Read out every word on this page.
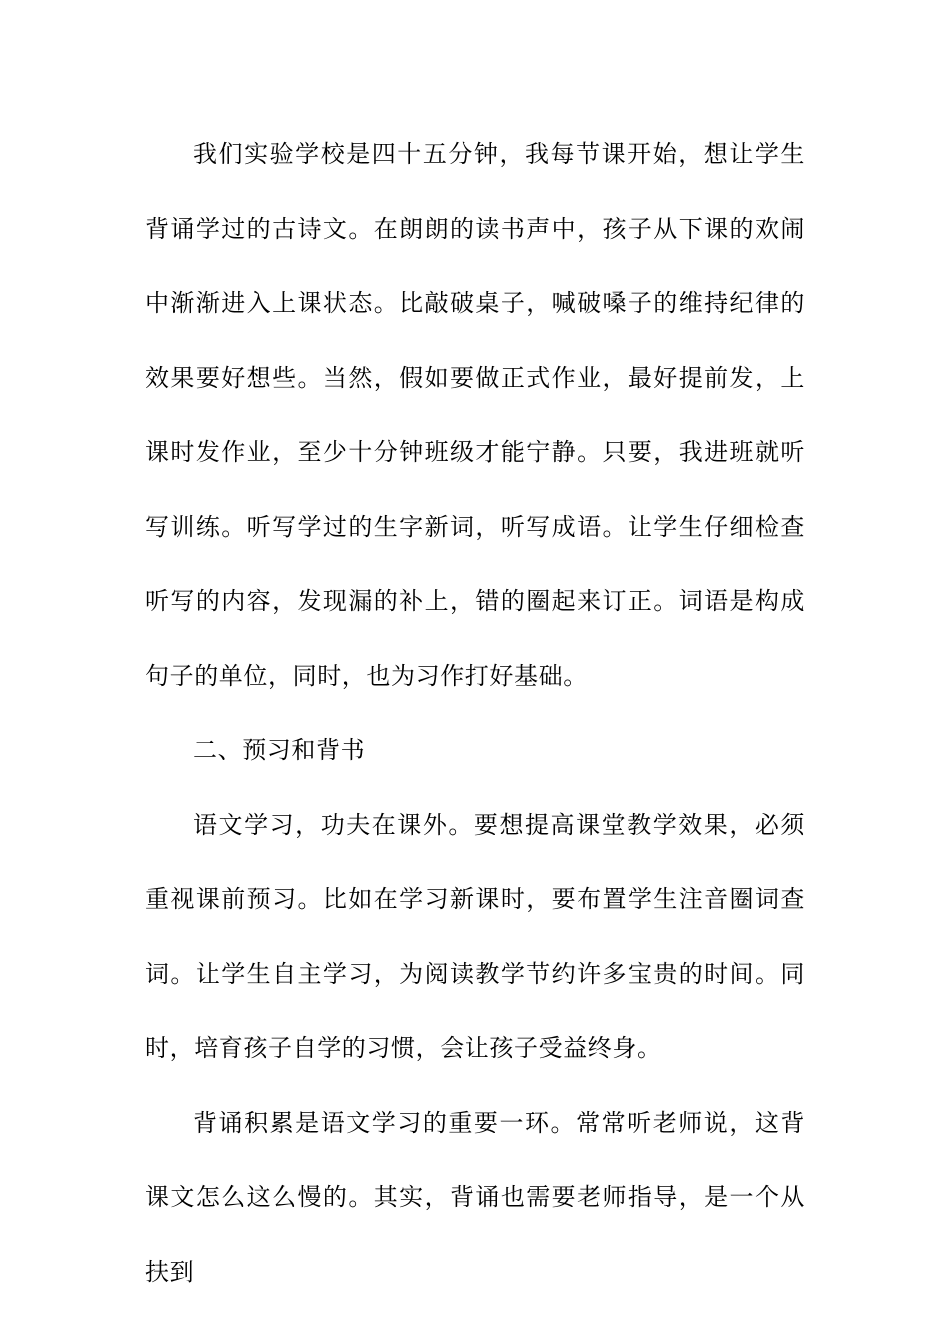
我们实验学校是四十五分钟，我每节课开始，想让学生背诵学过的古诗文。在朗朗的读书声中，孩子从下课的欢闹中渐渐进入上课状态。比敲破桌子，喊破嗓子的维持纪律的效果要好想些。当然，假如要做正式作业，最好提前发，上课时发作业，至少十分钟班级才能宁静。只要，我进班就听写训练。听写学过的生字新词，听写成语。让学生仔细检查听写的内容，发现漏的补上，错的圈起来订正。词语是构成句子的单位，同时，也为习作打好基础。

二、预习和背书

语文学习，功夫在课外。要想提高课堂教学效果，必须重视课前预习。比如在学习新课时，要布置学生注音圈词查词。让学生自主学习，为阅读教学节约许多宝贵的时间。同时，培育孩子自学的习惯，会让孩子受益终身。

背诵积累是语文学习的重要一环。常常听老师说，这背课文怎么这么慢的。其实，背诵也需要老师指导，是一个从扶到
